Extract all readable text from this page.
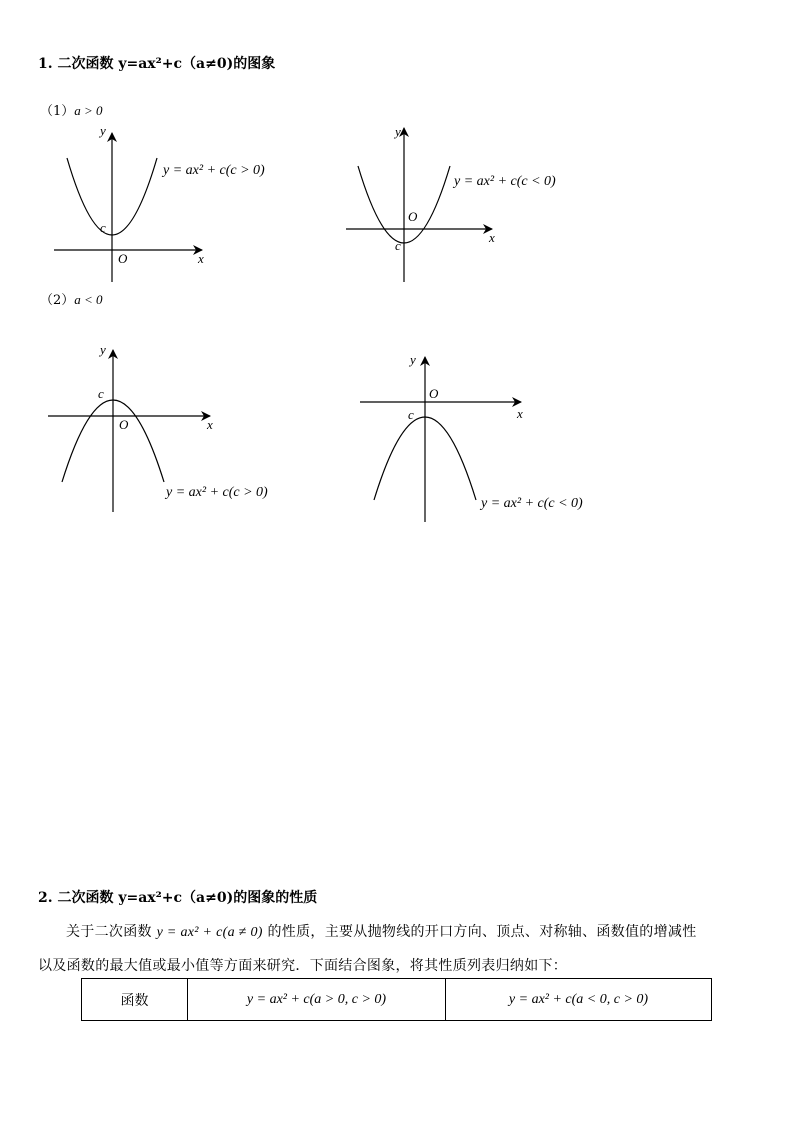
1. 二次函数 y=ax²+c（a≠0)的图象
（1）a > 0
y
x
O
c
y = ax² + c(c > 0)
y
x
O
c
y = ax² + c(c < 0)
y
x
O
c
y = ax² + c(c > 0)
y
x
O
c
y = ax² + c(c < 0)
（2）a < 0
2. 二次函数 y=ax²+c（a≠0)的图象的性质
关于二次函数 y = ax² + c(a ≠ 0) 的性质，主要从抛物线的开口方向、顶点、对称轴、函数值的增减性
以及函数的最大值或最小值等方面来研究．下面结合图象，将其性质列表归纳如下：
函数	y = ax² + c(a > 0, c > 0)	y = ax² + c(a < 0, c > 0)
